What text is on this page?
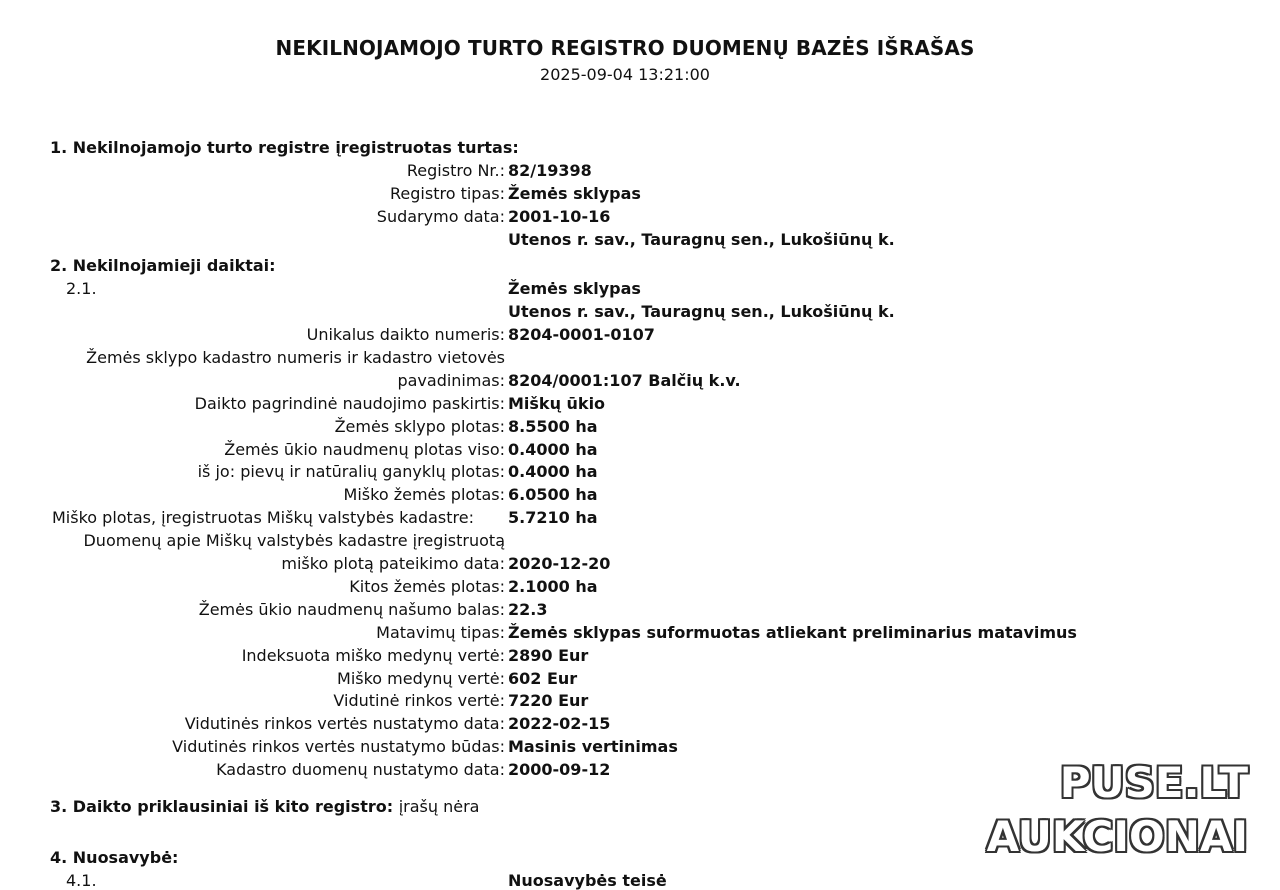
NEKILNOJAMOJO TURTO REGISTRO DUOMENŲ BAZĖS IŠRAŠAS
2025-09-04 13:21:00
1. Nekilnojamojo turto registre įregistruotas turtas:
Registro Nr.: 82/19398
Registro tipas: Žemės sklypas
Sudarymo data: 2001-10-16
Utenos r. sav., Tauragnų sen., Lukošiūnų k.
2. Nekilnojamieji daiktai:
2.1.	Žemės sklypas
Utenos r. sav., Tauragnų sen., Lukošiūnų k.
Unikalus daikto numeris: 8204-0001-0107
Žemės sklypo kadastro numeris ir kadastro vietovės
pavadinimas: 8204/0001:107 Balčių k.v.
Daikto pagrindinė naudojimo paskirtis: Miškų ūkio
Žemės sklypo plotas: 8.5500 ha
Žemės ūkio naudmenų plotas viso: 0.4000 ha
iš jo: pievų ir natūralių ganyklų plotas: 0.4000 ha
Miško žemės plotas: 6.0500 ha
Miško plotas, įregistruotas Miškų valstybės kadastre: 5.7210 ha
Duomenų apie Miškų valstybės kadastre įregistruotą
miško plotą pateikimo data: 2020-12-20
Kitos žemės plotas: 2.1000 ha
Žemės ūkio naudmenų našumo balas: 22.3
Matavimų tipas: Žemės sklypas suformuotas atliekant preliminarius matavimus
Indeksuota miško medynų vertė: 2890 Eur
Miško medynų vertė: 602 Eur
Vidutinė rinkos vertė: 7220 Eur
Vidutinės rinkos vertės nustatymo data: 2022-02-15
Vidutinės rinkos vertės nustatymo būdas: Masinis vertinimas
Kadastro duomenų nustatymo data: 2000-09-12
3. Daikto priklausiniai iš kito registro: įrašų nėra
4. Nuosavybė:
4.1.	Nuosavybės teisė
PUSE.LT
AUKCIONAI
